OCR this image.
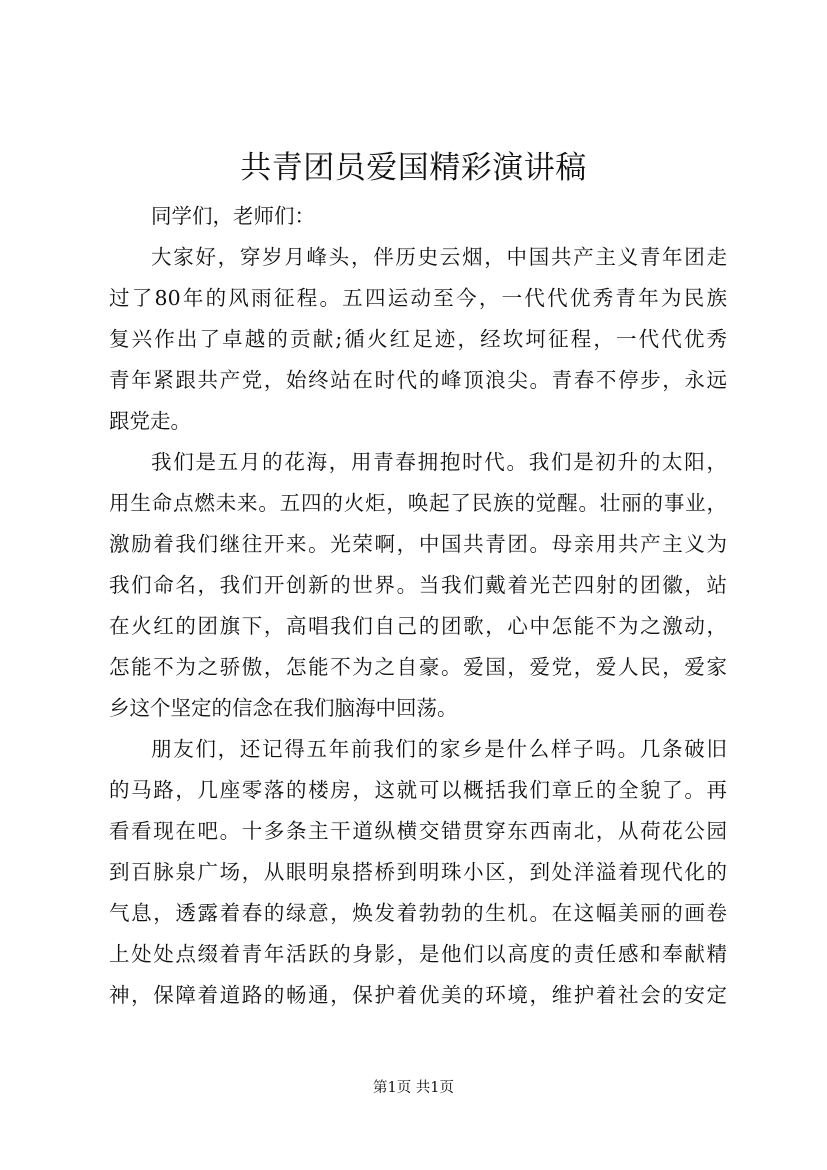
共青团员爱国精彩演讲稿
同学们，老师们：
大家好，穿岁月峰头，伴历史云烟，中国共产主义青年团走
过了80年的风雨征程。五四运动至今，一代代优秀青年为民族
复兴作出了卓越的贡献;循火红足迹，经坎坷征程，一代代优秀
青年紧跟共产党，始终站在时代的峰顶浪尖。青春不停步，永远
跟党走。
我们是五月的花海，用青春拥抱时代。我们是初升的太阳，
用生命点燃未来。五四的火炬，唤起了民族的觉醒。壮丽的事业，
激励着我们继往开来。光荣啊，中国共青团。母亲用共产主义为
我们命名，我们开创新的世界。当我们戴着光芒四射的团徽，站
在火红的团旗下，高唱我们自己的团歌，心中怎能不为之激动，
怎能不为之骄傲，怎能不为之自豪。爱国，爱党，爱人民，爱家
乡这个坚定的信念在我们脑海中回荡。
朋友们，还记得五年前我们的家乡是什么样子吗。几条破旧
的马路，几座零落的楼房，这就可以概括我们章丘的全貌了。再
看看现在吧。十多条主干道纵横交错贯穿东西南北，从荷花公园
到百脉泉广场，从眼明泉搭桥到明珠小区，到处洋溢着现代化的
气息，透露着春的绿意，焕发着勃勃的生机。在这幅美丽的画卷
上处处点缀着青年活跃的身影，是他们以高度的责任感和奉献精
神，保障着道路的畅通，保护着优美的环境，维护着社会的安定
第1页 共1页
